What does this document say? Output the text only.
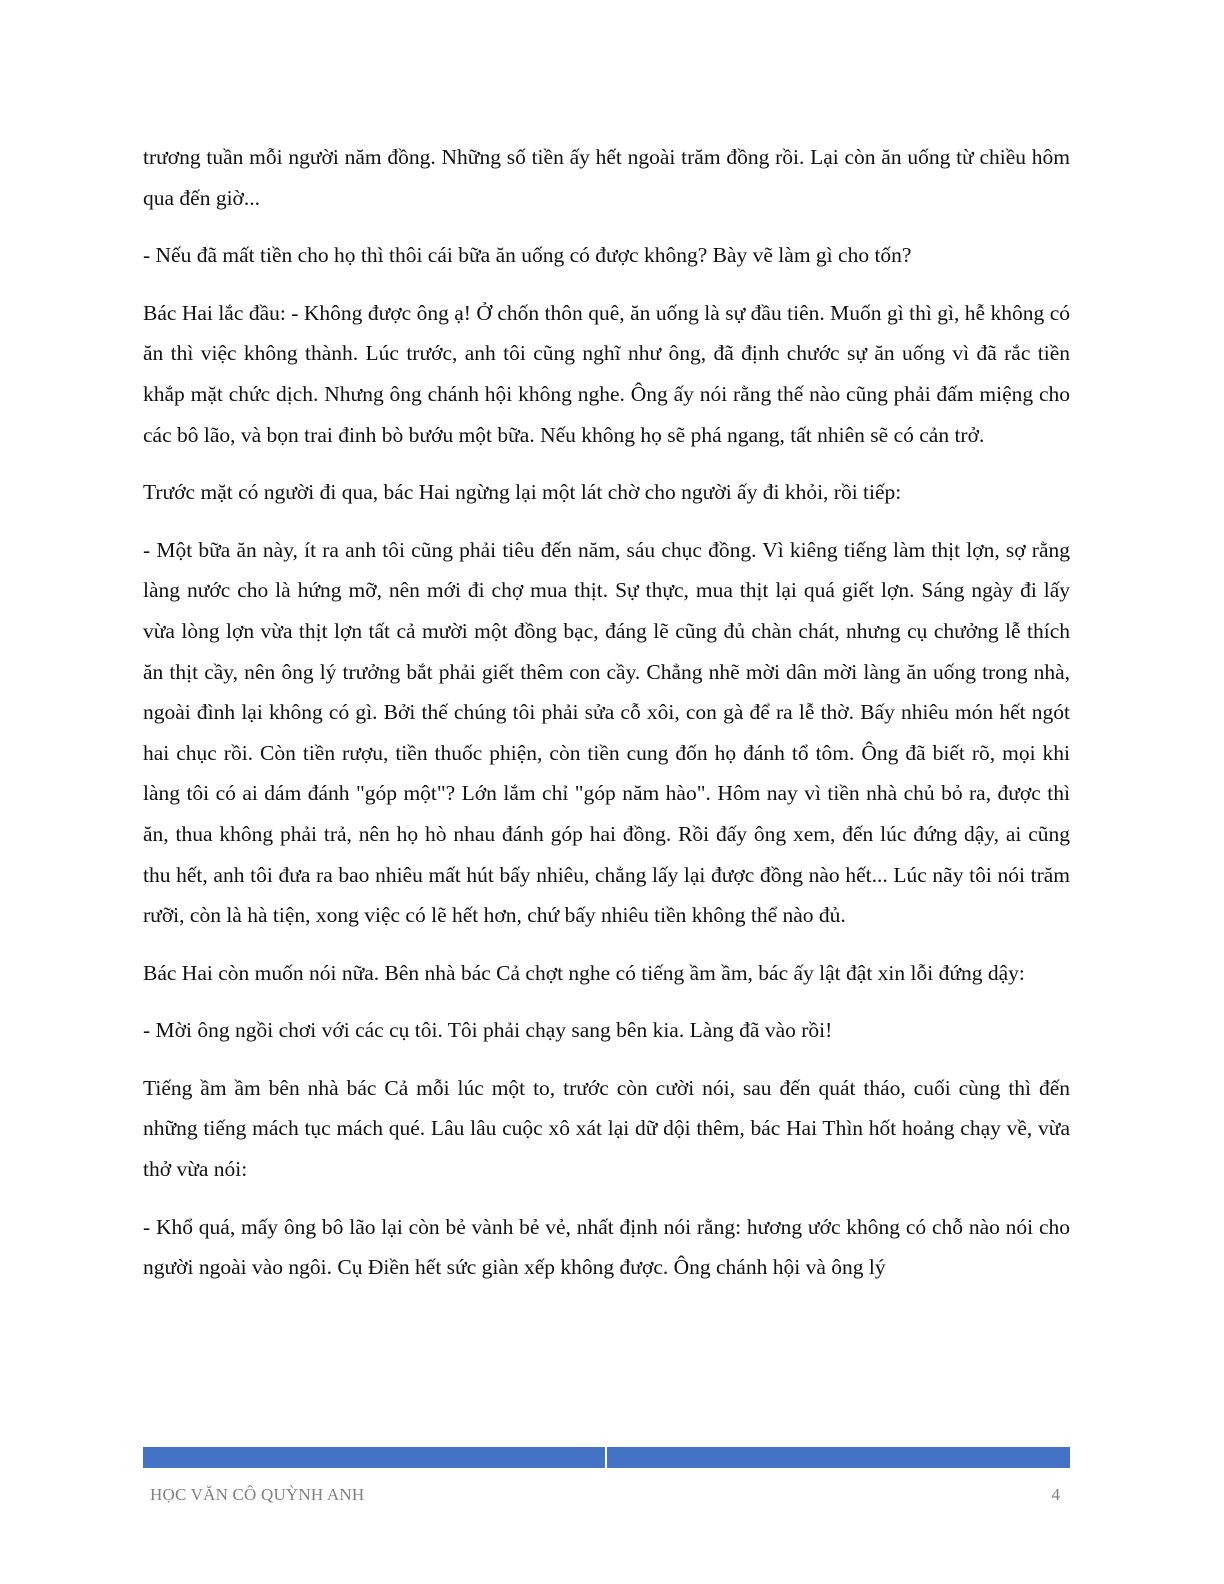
trương tuần mỗi người năm đồng. Những số tiền ấy hết ngoài trăm đồng rồi. Lại còn ăn uống từ chiều hôm qua đến giờ...

- Nếu đã mất tiền cho họ thì thôi cái bữa ăn uống có được không? Bày vẽ làm gì cho tốn?

Bác Hai lắc đầu: - Không được ông ạ! Ở chốn thôn quê, ăn uống là sự đầu tiên. Muốn gì thì gì, hễ không có ăn thì việc không thành. Lúc trước, anh tôi cũng nghĩ như ông, đã định chước sự ăn uống vì đã rắc tiền khắp mặt chức dịch. Nhưng ông chánh hội không nghe. Ông ấy nói rằng thế nào cũng phải đấm miệng cho các bô lão, và bọn trai đinh bò bướu một bữa. Nếu không họ sẽ phá ngang, tất nhiên sẽ có cản trở.

Trước mặt có người đi qua, bác Hai ngừng lại một lát chờ cho người ấy đi khỏi, rồi tiếp:

- Một bữa ăn này, ít ra anh tôi cũng phải tiêu đến năm, sáu chục đồng. Vì kiêng tiếng làm thịt lợn, sợ rằng làng nước cho là hứng mỡ, nên mới đi chợ mua thịt. Sự thực, mua thịt lại quá giết lợn. Sáng ngày đi lấy vừa lòng lợn vừa thịt lợn tất cả mười một đồng bạc, đáng lẽ cũng đủ chàn chát, nhưng cụ chưởng lễ thích ăn thịt cầy, nên ông lý trưởng bắt phải giết thêm con cầy. Chẳng nhẽ mời dân mời làng ăn uống trong nhà, ngoài đình lại không có gì. Bởi thế chúng tôi phải sửa cỗ xôi, con gà để ra lễ thờ. Bấy nhiêu món hết ngót hai chục rồi. Còn tiền rượu, tiền thuốc phiện, còn tiền cung đốn họ đánh tổ tôm. Ông đã biết rõ, mọi khi làng tôi có ai dám đánh "góp một"? Lớn lắm chỉ "góp năm hào". Hôm nay vì tiền nhà chủ bỏ ra, được thì ăn, thua không phải trả, nên họ hò nhau đánh góp hai đồng. Rồi đấy ông xem, đến lúc đứng dậy, ai cũng thu hết, anh tôi đưa ra bao nhiêu mất hút bấy nhiêu, chẳng lấy lại được đồng nào hết... Lúc nãy tôi nói trăm rưỡi, còn là hà tiện, xong việc có lẽ hết hơn, chứ bấy nhiêu tiền không thể nào đủ.

Bác Hai còn muốn nói nữa. Bên nhà bác Cả chợt nghe có tiếng ầm ầm, bác ấy lật đật xin lỗi đứng dậy:

- Mời ông ngồi chơi với các cụ tôi. Tôi phải chạy sang bên kia. Làng đã vào rồi!

Tiếng ầm ầm bên nhà bác Cả mỗi lúc một to, trước còn cười nói, sau đến quát tháo, cuối cùng thì đến những tiếng mách tục mách qué. Lâu lâu cuộc xô xát lại dữ dội thêm, bác Hai Thìn hốt hoảng chạy về, vừa thở vừa nói:

- Khổ quá, mấy ông bô lão lại còn bẻ vành bẻ vẻ, nhất định nói rằng: hương ước không có chỗ nào nói cho người ngoài vào ngôi. Cụ Điền hết sức giàn xếp không được. Ông chánh hội và ông lý

HỌC VĂN CÔ QUỲNH ANH	4
